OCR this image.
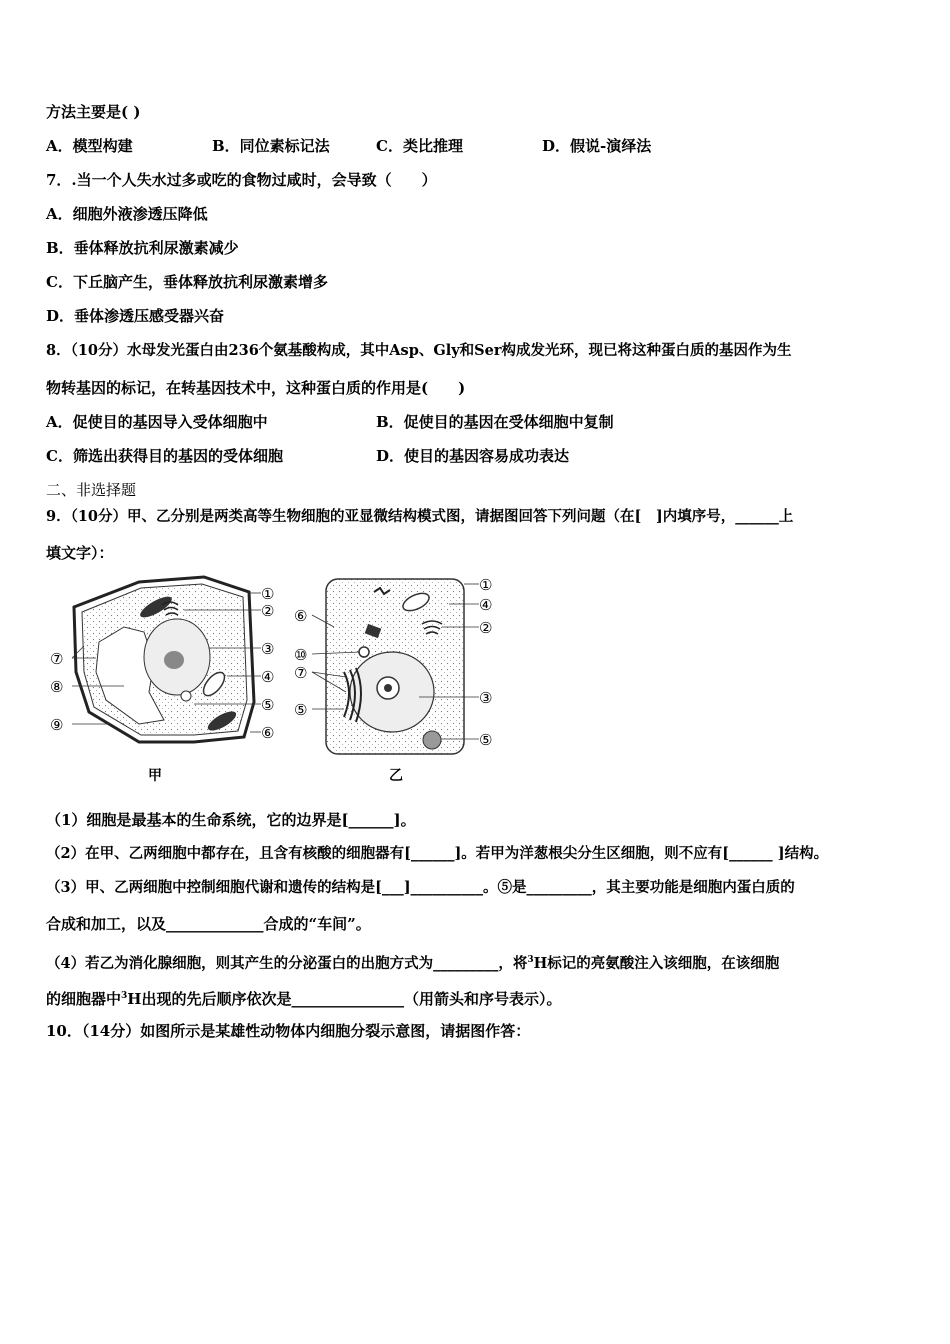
方法主要是( )
A．模型构建	B．同位素标记法	C．类比推理	D．假说-演绎法
7．.当一个人失水过多或吃的食物过咸时，会导致（　　）
A．细胞外液渗透压降低
B．垂体释放抗利尿激素减少
C．下丘脑产生，垂体释放抗利尿激素增多
D．垂体渗透压感受器兴奋
8．（10分）水母发光蛋白由236个氨基酸构成，其中Asp、Gly和Ser构成发光环，现已将这种蛋白质的基因作为生
物转基因的标记，在转基因技术中，这种蛋白质的作用是(　　)
A．促使目的基因导入受体细胞中	B．促使目的基因在受体细胞中复制
C．筛选出获得目的基因的受体细胞	D．使目的基因容易成功表达
二、非选择题
9．（10分）甲、乙分别是两类高等生物细胞的亚显微结构模式图，请据图回答下列问题（在[　]内填序号，______上
填文字）：
①
②
③
④
⑤
⑥
⑦
⑧
⑨
①
④
②
⑥
⑩
⑦
③
⑤
⑤
甲	乙
（1）细胞是最基本的生命系统，它的边界是[______]。
（2）在甲、乙两细胞中都存在，且含有核酸的细胞器有[______]。若甲为洋葱根尖分生区细胞，则不应有[______ ]结构。
（3）甲、乙两细胞中控制细胞代谢和遗传的结构是[___]__________。⑤是_________，其主要功能是细胞内蛋白质的
合成和加工，以及_____________合成的“车间”。
（4）若乙为消化腺细胞，则其产生的分泌蛋白的出胞方式为_________，将$^3$H标记的亮氨酸注入该细胞，在该细胞
的细胞器中$^3$H出现的先后顺序依次是_______________（用箭头和序号表示）。
10．（14分）如图所示是某雄性动物体内细胞分裂示意图，请据图作答：
